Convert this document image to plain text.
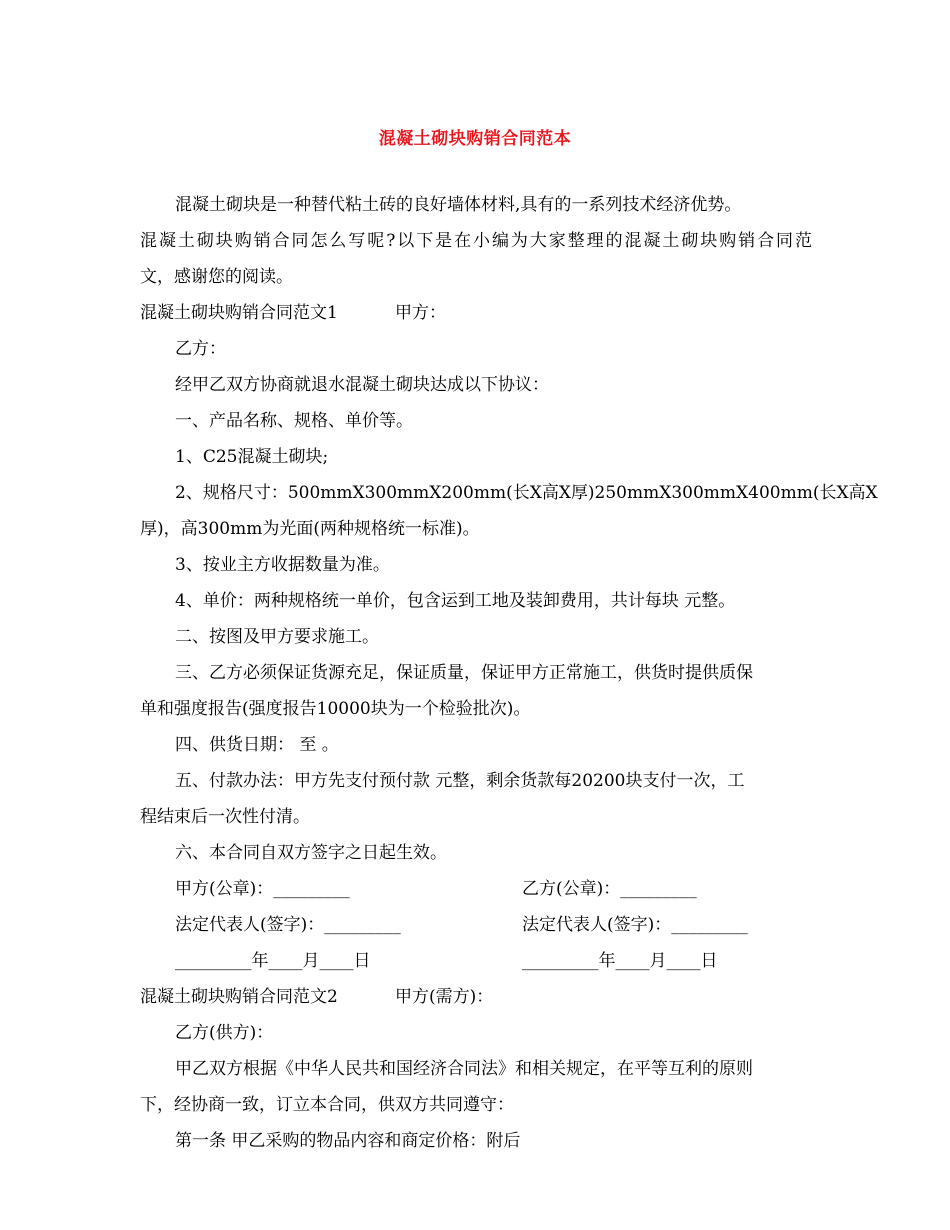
混凝土砌块购销合同范本
混凝土砌块是一种替代粘土砖的良好墙体材料,具有的一系列技术经济优势。
混凝土砌块购销合同怎么写呢?以下是在小编为大家整理的混凝土砌块购销合同范
文，感谢您的阅读。
混凝土砌块购销合同范文1	甲方：
乙方：
经甲乙双方协商就退水混凝土砌块达成以下协议：
一、产品名称、规格、单价等。
1、C25混凝土砌块;
2、规格尺寸：500mmX300mmX200mm(长X高X厚)250mmX300mmX400mm(长X高X
厚)，高300mm为光面(两种规格统一标准)。
3、按业主方收据数量为准。
4、单价：两种规格统一单价，包含运到工地及装卸费用，共计每块 元整。
二、按图及甲方要求施工。
三、乙方必须保证货源充足，保证质量，保证甲方正常施工，供货时提供质保
单和强度报告(强度报告10000块为一个检验批次)。
四、供货日期： 至 。
五、付款办法：甲方先支付预付款 元整，剩余货款每20200块支付一次，工
程结束后一次性付清。
六、本合同自双方签字之日起生效。
甲方(公章)：_________	乙方(公章)：_________
法定代表人(签字)：_________	法定代表人(签字)：_________
_________年____月____日	_________年____月____日
混凝土砌块购销合同范文2	甲方(需方)：
乙方(供方)：
甲乙双方根据《中华人民共和国经济合同法》和相关规定，在平等互利的原则
下，经协商一致，订立本合同，供双方共同遵守：
第一条 甲乙采购的物品内容和商定价格：附后
